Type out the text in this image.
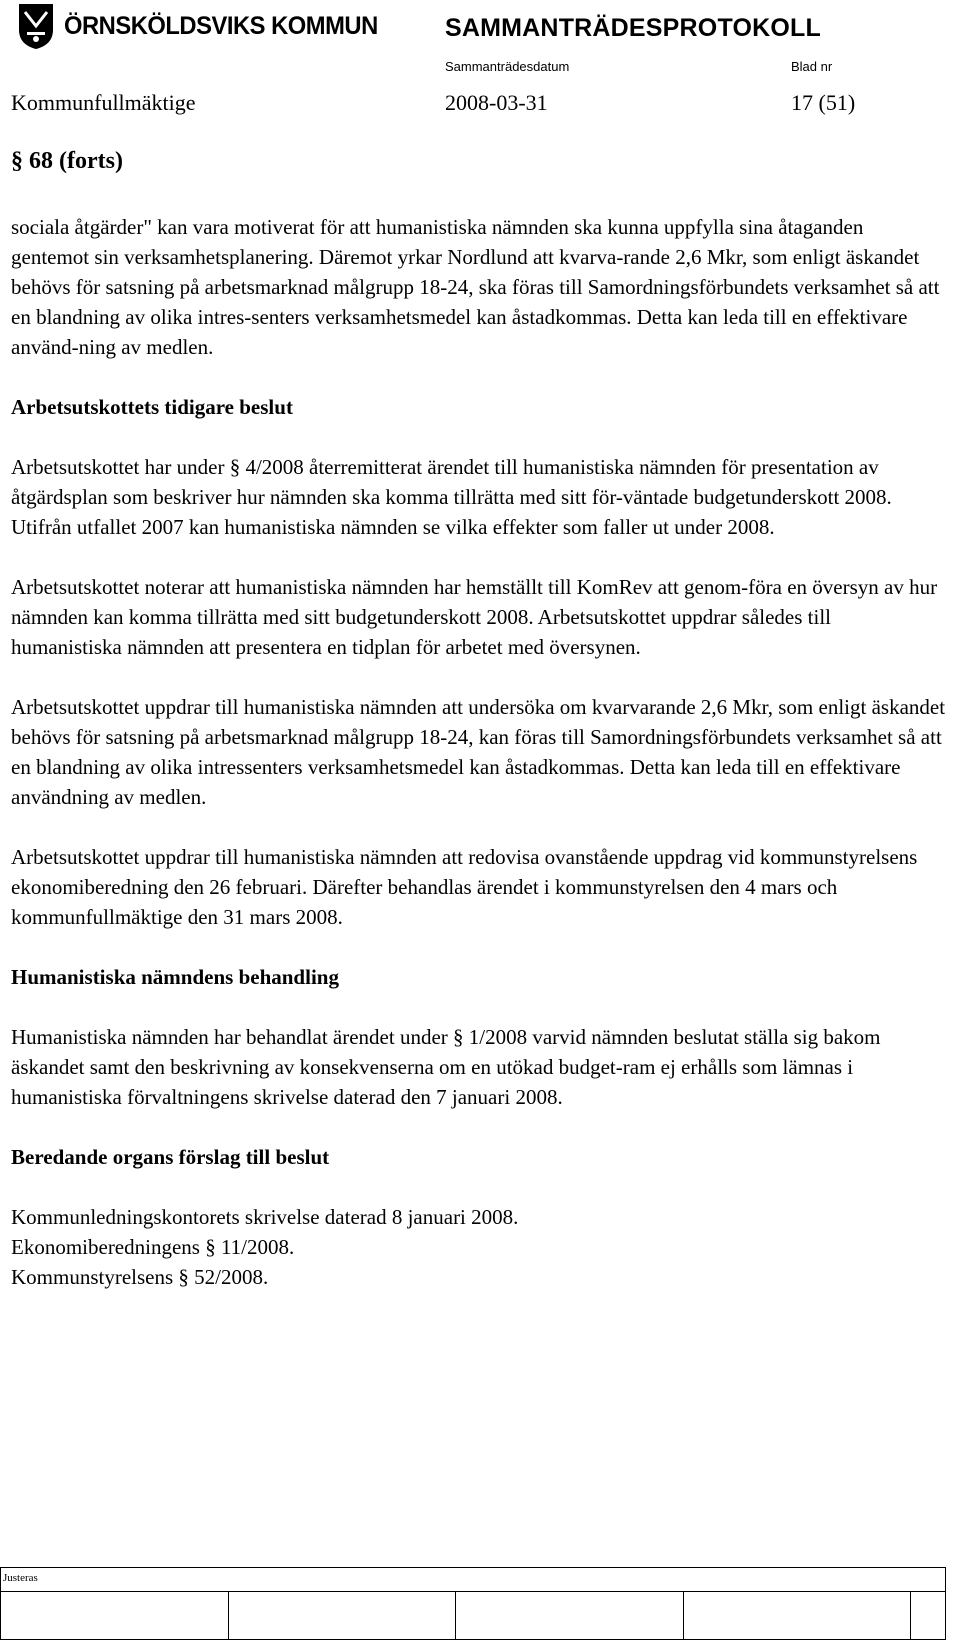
ÖRNSKÖLDSVIKS KOMMUN	SAMMANTRÄDESPROTOKOLL
Sammanträdesdatum	Blad nr
Kommunfullmäktige	2008-03-31	17 (51)
§ 68 (forts)

sociala åtgärder" kan vara motiverat för att humanistiska nämnden ska kunna uppfylla sina åtaganden gentemot sin verksamhetsplanering. Däremot yrkar Nordlund att kvarva-rande 2,6 Mkr, som enligt äskandet behövs för satsning på arbetsmarknad målgrupp 18-24, ska föras till Samordningsförbundets verksamhet så att en blandning av olika intres-senters verksamhetsmedel kan åstadkommas. Detta kan leda till en effektivare använd-ning av medlen.

Arbetsutskottets tidigare beslut

Arbetsutskottet har under § 4/2008 återremitterat ärendet till humanistiska nämnden för presentation av åtgärdsplan som beskriver hur nämnden ska komma tillrätta med sitt för-väntade budgetunderskott 2008. Utifrån utfallet 2007 kan humanistiska nämnden se vilka effekter som faller ut under 2008.

Arbetsutskottet noterar att humanistiska nämnden har hemställt till KomRev att genom-föra en översyn av hur nämnden kan komma tillrätta med sitt budgetunderskott 2008. Arbetsutskottet uppdrar således till humanistiska nämnden att presentera en tidplan för arbetet med översynen.

Arbetsutskottet uppdrar till humanistiska nämnden att undersöka om kvarvarande 2,6 Mkr, som enligt äskandet behövs för satsning på arbetsmarknad målgrupp 18-24, kan föras till Samordningsförbundets verksamhet så att en blandning av olika intressenters verksamhetsmedel kan åstadkommas. Detta kan leda till en effektivare användning av medlen.

Arbetsutskottet uppdrar till humanistiska nämnden att redovisa ovanstående uppdrag vid kommunstyrelsens ekonomiberedning den 26 februari. Därefter behandlas ärendet i kommunstyrelsen den 4 mars och kommunfullmäktige den 31 mars 2008.

Humanistiska nämndens behandling

Humanistiska nämnden har behandlat ärendet under § 1/2008 varvid nämnden beslutat ställa sig bakom äskandet samt den beskrivning av konsekvenserna om en utökad budget-ram ej erhålls som lämnas i humanistiska förvaltningens skrivelse daterad den 7 januari 2008.

Beredande organs förslag till beslut

Kommunledningskontorets skrivelse daterad 8 januari 2008.

Ekonomiberedningens § 11/2008.

Kommunstyrelsens § 52/2008.

Justeras
